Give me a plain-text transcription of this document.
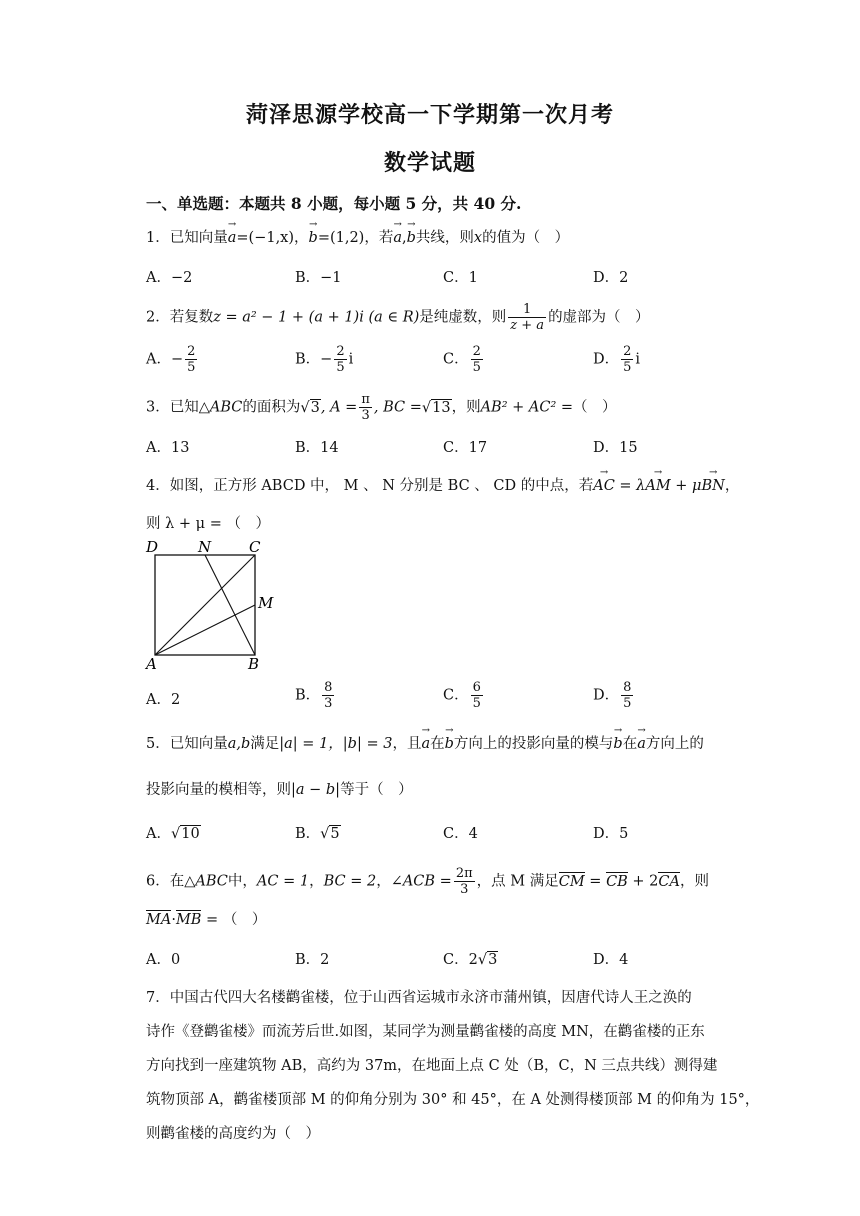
菏泽思源学校高一下学期第一次月考
数学试题
一、单选题：本题共 8 小题，每小题 5 分，共 40 分.
1．已知向量→ a=(−1,x)，→ b=(1,2)，若→ a,→ b共线，则x的值为（　）
A．−2	B．−1	C．1	D．2
2．若复数z = a² − 1 + (a + 1)i (a ∈ R)是纯虚数，则 $\frac{1}{z + a}$ 的虚部为（　）
A．− $\frac{2}{5}$	B．− $\frac{2}{5}$ i	C． $\frac{2}{5}$	D． $\frac{2}{5}$ i
3．已知△ABC的面积为√3, $A = \frac{\pi}{3}$ , BC =√13，则AB² + AC² =（　）
A．13	B．14	C．17	D．15
4．如图，正方形 ABCD 中， M 、 N 分别是 BC 、 CD 的中点，若→ AC = λ→ AM + μ→ BN，
则 λ + μ = （　）
D	N	C
M
A	B
A．2	B． $\frac{8}{3}$	C． $\frac{6}{5}$	D． $\frac{8}{5}$
5．已知向量a,b满足|a| = 1，|b| = 3，且→ a在→ b方向上的投影向量的模与→ b在→ a方向上的
投影向量的模相等，则|a − b|等于（　）
A．√10	B．√5	C．4	D．5
6．在△ABC中，AC = 1，BC = 2，∠ACB = $\frac{2\pi}{3}$ ，点 M 满足CM = CB + 2CA，则
MA·MB = （　）
A．0	B．2	C．2√3	D．4
7．中国古代四大名楼鹳雀楼，位于山西省运城市永济市蒲州镇，因唐代诗人王之涣的
诗作《登鹳雀楼》而流芳后世.如图，某同学为测量鹳雀楼的高度 MN，在鹳雀楼的正东
方向找到一座建筑物 AB，高约为 37m，在地面上点 C 处（B，C，N 三点共线）测得建
筑物顶部 A，鹳雀楼顶部 M 的仰角分别为 30° 和 45°，在 A 处测得楼顶部 M 的仰角为 15°，
则鹳雀楼的高度约为（　）
